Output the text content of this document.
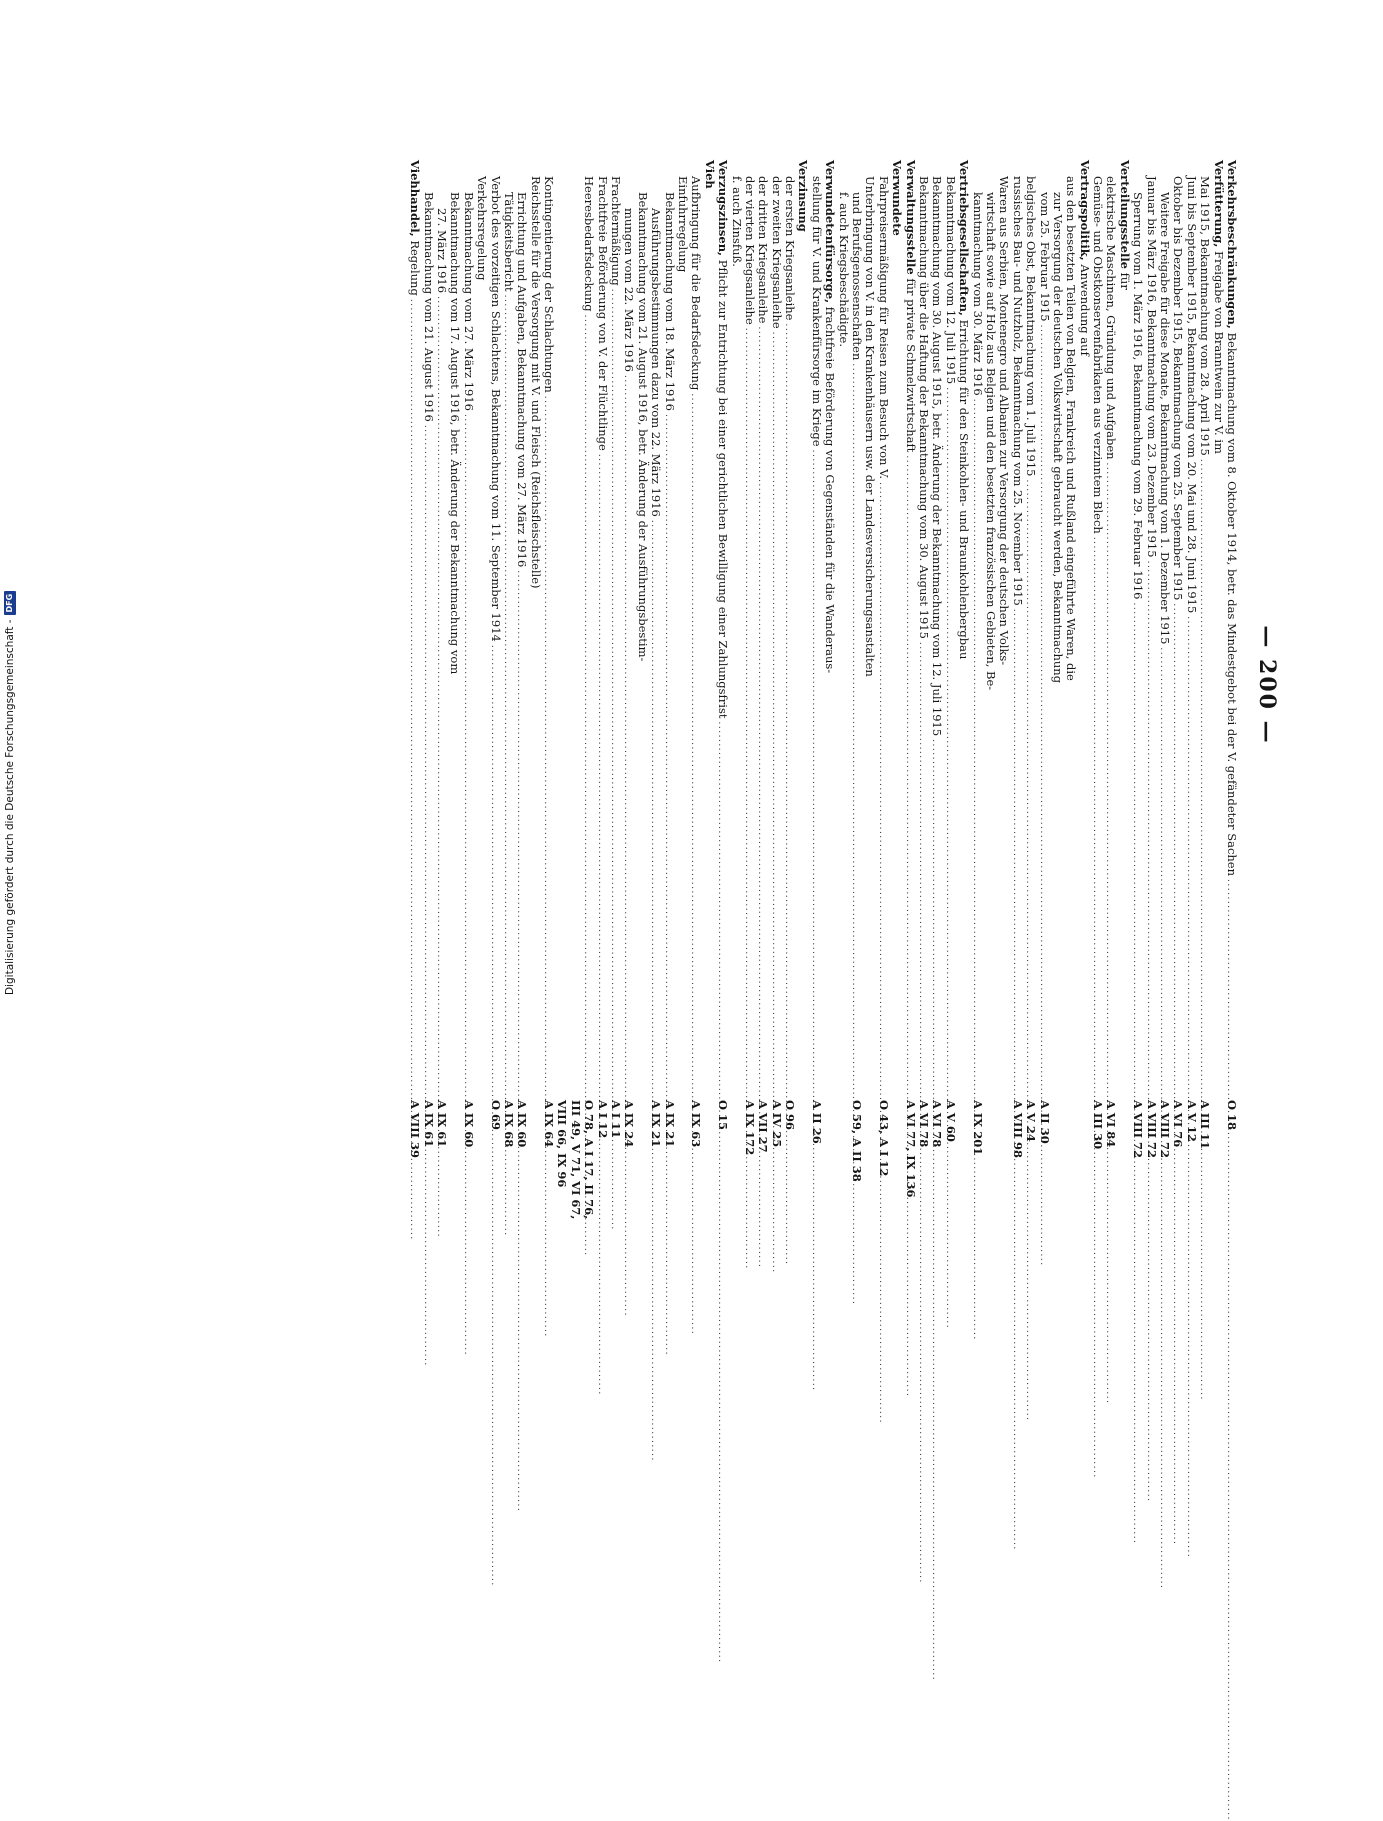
— 200 —
Verkehrsbeschränkungen, Bekanntmachung vom 8. Oktober 1914, betr. das Mindestgebot bei der V. gefändeter Sachen
.....
O 18
Verfütterung, Freigabe von Branntwein zur V. im
Mai 1915, Bekanntmachung vom 28. April 1915
.....
A III 11
Juni bis September 1915, Bekanntmachung vom 20. Mai und 28. Juni 1915
.....
A V 12
Oktober bis Dezember 1915, Bekanntmachung vom 25. September 1915
.....
A VI 76
Weitere Freigabe für diese Monate, Bekanntmachung vom 1. Dezember 1915
.....
A VIII 72
Januar bis März 1916, Bekanntmachung vom 23. Dezember 1915
.....
A VIII 72
Sperrung vom 1. März 1916, Bekanntmachung vom 29. Februar 1916
.....
A VIII 72
Verteilungsstelle für
elektrische Maschinen, Gründung und Aufgaben
.....
A VI 84
Gemüse- und Obstkonservenfabrikaten aus verzinntem Blech
.....
A III 30
Vertragspolitik, Anwendung auf
aus den besetzten Teilen von Belgien, Frankreich und Rußland eingeführte Waren, die
zur Versorgung der deutschen Volkswirtschaft gebraucht werden, Bekanntmachung
vom 25. Februar 1915
.....
A II 30
belgisches Obst, Bekanntmachung vom 1. Juli 1915
.....
A V 24
russisches Bau- und Nutzholz, Bekanntmachung vom 25. November 1915
.....
A VIII 98
Waren aus Serbien, Montenegro und Albanien zur Versorgung der deutschen Volks-
wirtschaft sowie auf Holz aus Belgien und den besetzten französischen Gebieten, Be-
kanntmachung vom 30. März 1916
.....
A IX 201
Vertriebsgesellschaften, Errichtung für den Steinkohlen- und Braunkohlenbergbau
Bekanntmachung vom 12. Juli 1915
.....
A V 60
Bekanntmachung vom 30. August 1915, betr. Änderung der Bekanntmachung vom 12. Juli 1915
.....
A VI 78
Bekanntmachung über die Haftung der Bekanntmachung vom 30. August 1915
.....
A VI 78
Verwaltungsstelle für private Schmelzwirtschaft
.....
A VI 77, IX 136
Verwundete
Fahrpreisermäßigung für Reisen zum Besuch von V.
.....
O 43, A I 12
Unterbringung von V. in den Krankenhäusern usw. der Landesversicherungsanstalten
und Berufsgenossenschaften
.....
O 59, A II 38
f. auch Kriegsbeschädigte.
Verwundetenfürsorge, frachtfreie Beförderung von Gegenständen für die Wanderaus-
stellung für V. und Krankenfürsorge im Kriege
.....
A II 26
Verzinsung
der ersten Kriegsanleihe
.....
O 96
der zweiten Kriegsanleihe
.....
A IV 25
der dritten Kriegsanleihe
.....
A VII 27
der vierten Kriegsanleihe
.....
A IX 172
f. auch Zinsfuß.
Verzugszinsen, Pflicht zur Entrichtung bei einer gerichtlichen Bewilligung einer Zahlungsfrist
.....
O 15
Vieh
Aufbringung für die Bedarfsdeckung
.....
A IX 63
Einfuhrregelung
Bekanntmachung vom 18. März 1916
.....
A IX 21
Ausführungsbestimmungen dazu vom 22. März 1916
.....
A IX 21
Bekanntmachung vom 21. August 1916, betr. Änderung der Ausführungsbestim-
mungen vom 22. März 1916
.....
A IX 24
Frachtermäßigung
.....
A I 11
Frachtfreie Beförderung von V. der Flüchtlinge
.....
A I 12
Heeresbedarfsdeckung
.....
O 78, A I 17, II 76,
III 49, V 71, VI 67,
VIII 66, IX 96
Kontingentierung der Schlachtungen
.....
A IX 64
Reichsstelle für die Versorgung mit V. und Fleisch (Reichsfleischstelle)
Errichtung und Aufgaben, Bekanntmachung vom 27. März 1916
.....
A IX 60
Tätigkeitsbericht
.....
A IX 68
Verbot des vorzeitigen Schlachtens, Bekanntmachung vom 11. September 1914
.....
O 69
Verkehrsregelung
Bekanntmachung vom 27. März 1916
.....
A IX 60
Bekanntmachung vom 17. August 1916, betr. Änderung der Bekanntmachung vom
27. März 1916
.....
A IX 61
Bekanntmachung vom 21. August 1916
.....
A IX 61
Viehhandel, Regelung
.....
A VIII 39
Digitalisierung gefördert durch die Deutsche Forschungsgemeinschaft -
DFG
